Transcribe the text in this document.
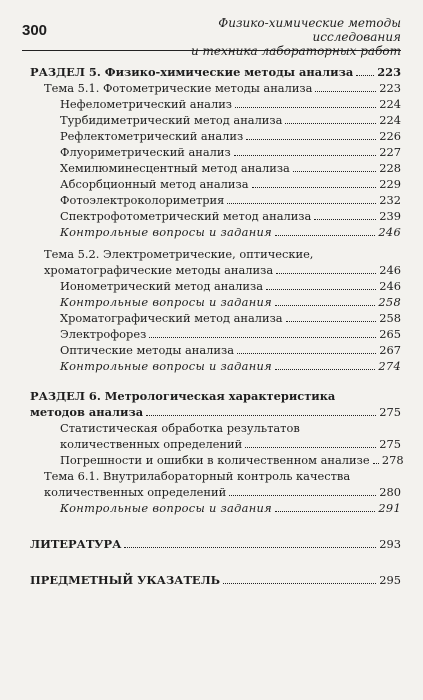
300	Физико-химические методы исследования
и техника лабораторных работ
РАЗДЕЛ 5. Физико-химические методы анализа 223
Тема 5.1. Фотометрические методы анализа	223
Нефелометрический анализ	224
Турбидиметрический метод анализа	224
Рефлектометрический анализ	226
Флуориметрический анализ	227
Хемилюминесцентный метод анализа	228
Абсорбционный метод анализа	229
Фотоэлектроколориметрия	232
Спектрофотометрический метод анализа	239
Контрольные вопросы и задания	246
Тема 5.2. Электрометрические, оптические,
хроматографические методы анализа	246
Ионометрический метод анализа	246
Контрольные вопросы и задания	258
Хроматографический метод анализа	258
Электрофорез	265
Оптические методы анализа	267
Контрольные вопросы и задания	274
РАЗДЕЛ 6. Метрологическая характеристика
методов анализа	275
Статистическая обработка результатов
количественных определений	275
Погрешности и ошибки в количественном анализе 278
Тема 6.1. Внутрилабораторный контроль качества
количественных определений	280
Контрольные вопросы и задания	291
ЛИТЕРАТУРА	293
ПРЕДМЕТНЫЙ УКАЗАТЕЛЬ	295
